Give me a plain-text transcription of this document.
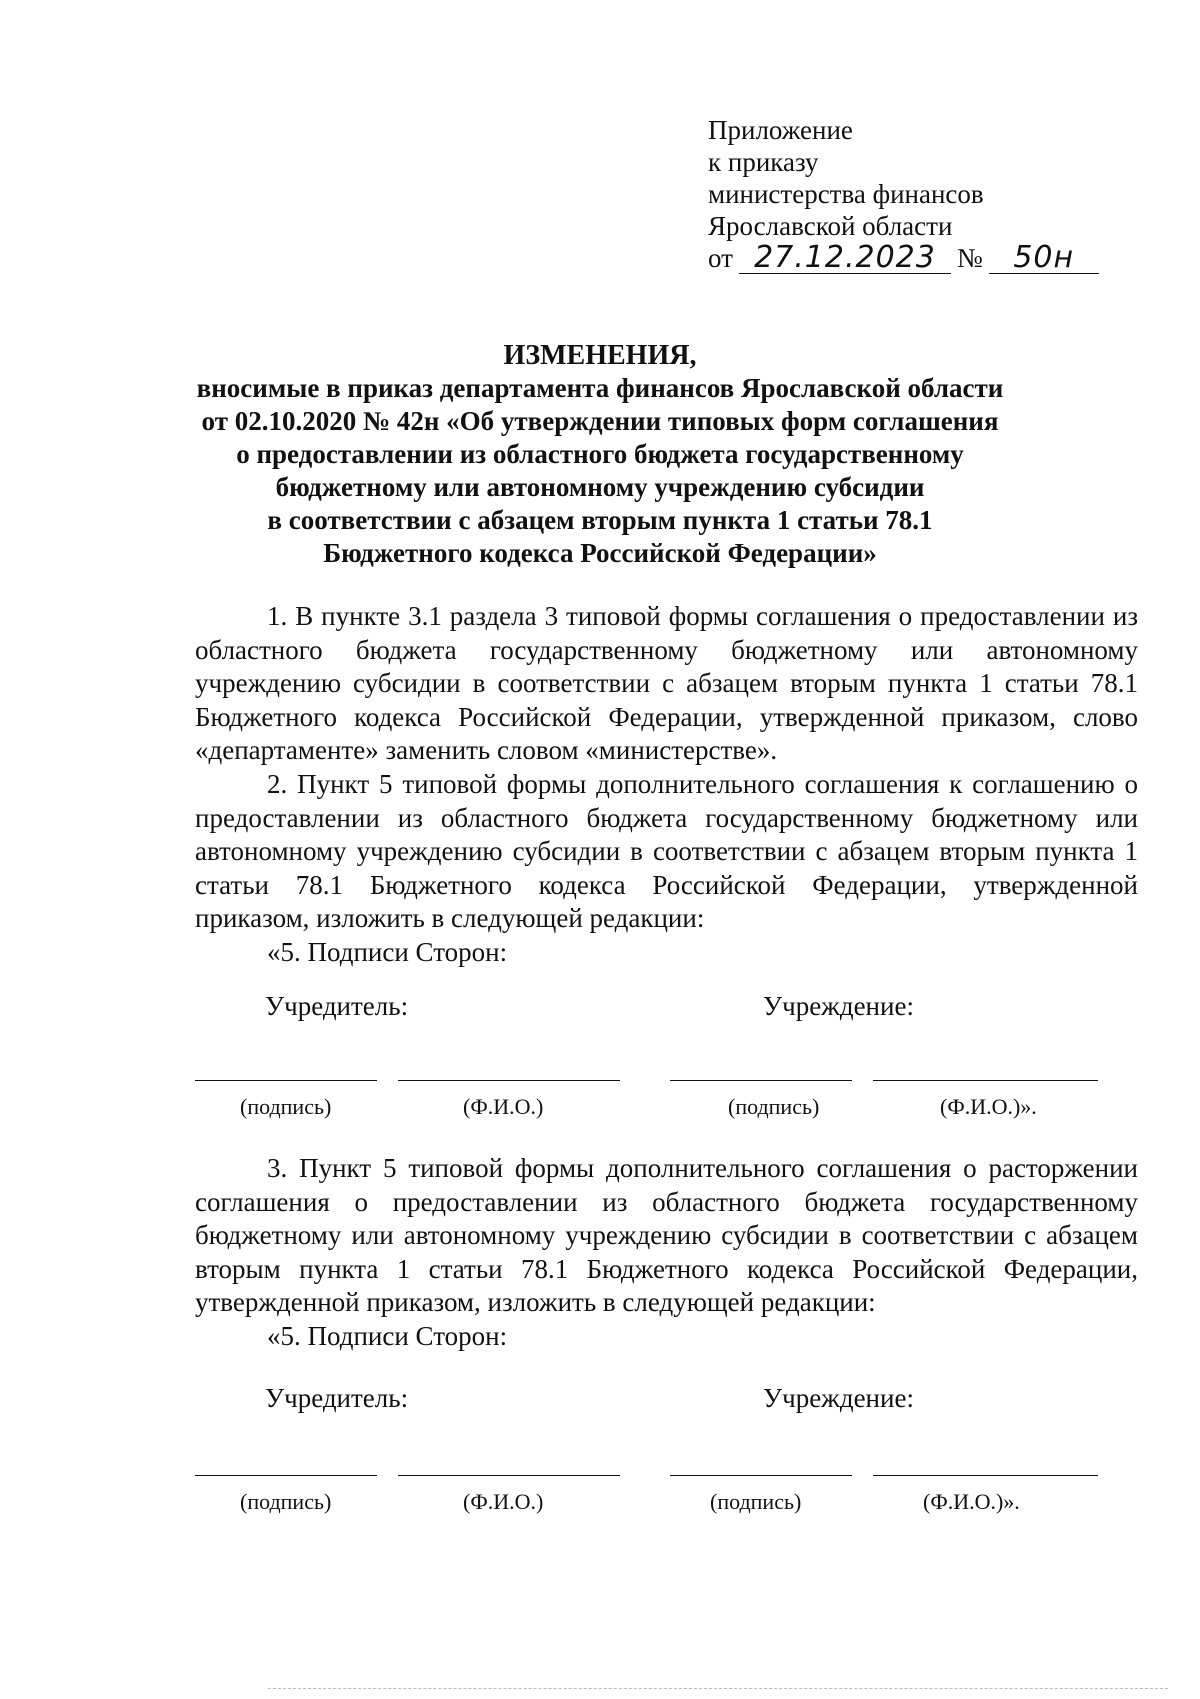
Приложение
к приказу
министерства финансов
Ярославской области
от 27.12.2023 №	50н
ИЗМЕНЕНИЯ,
вносимые в приказ департамента финансов Ярославской области
от 02.10.2020 № 42н «Об утверждении типовых форм соглашения
о предоставлении из областного бюджета государственному
бюджетному или автономному учреждению субсидии
в соответствии с абзацем вторым пункта 1 статьи 78.1
Бюджетного кодекса Российской Федерации»

1. В пункте 3.1 раздела 3 типовой формы соглашения о предоставлении из областного бюджета государственному бюджетному или автономному учреждению субсидии в соответствии с абзацем вторым пункта 1 статьи 78.1 Бюджетного кодекса Российской Федерации, утвержденной приказом, слово «департаменте» заменить словом «министерстве».

2. Пункт 5 типовой формы дополнительного соглашения к соглашению о предоставлении из областного бюджета государственному бюджетному или автономному учреждению субсидии в соответствии с абзацем вторым пункта 1 статьи 78.1 Бюджетного кодекса Российской Федерации, утвержденной приказом, изложить в следующей редакции:

«5. Подписи Сторон:

Учредитель:	Учреждение:
(подпись)	(Ф.И.О.)	(подпись)	(Ф.И.О.)».

3. Пункт 5 типовой формы дополнительного соглашения о расторжении соглашения о предоставлении из областного бюджета государственному бюджетному или автономному учреждению субсидии в соответствии с абзацем вторым пункта 1 статьи 78.1 Бюджетного кодекса Российской Федерации, утвержденной приказом, изложить в следующей редакции:

«5. Подписи Сторон:

Учредитель:	Учреждение:
(подпись)	(Ф.И.О.)	(подпись)	(Ф.И.О.)».
